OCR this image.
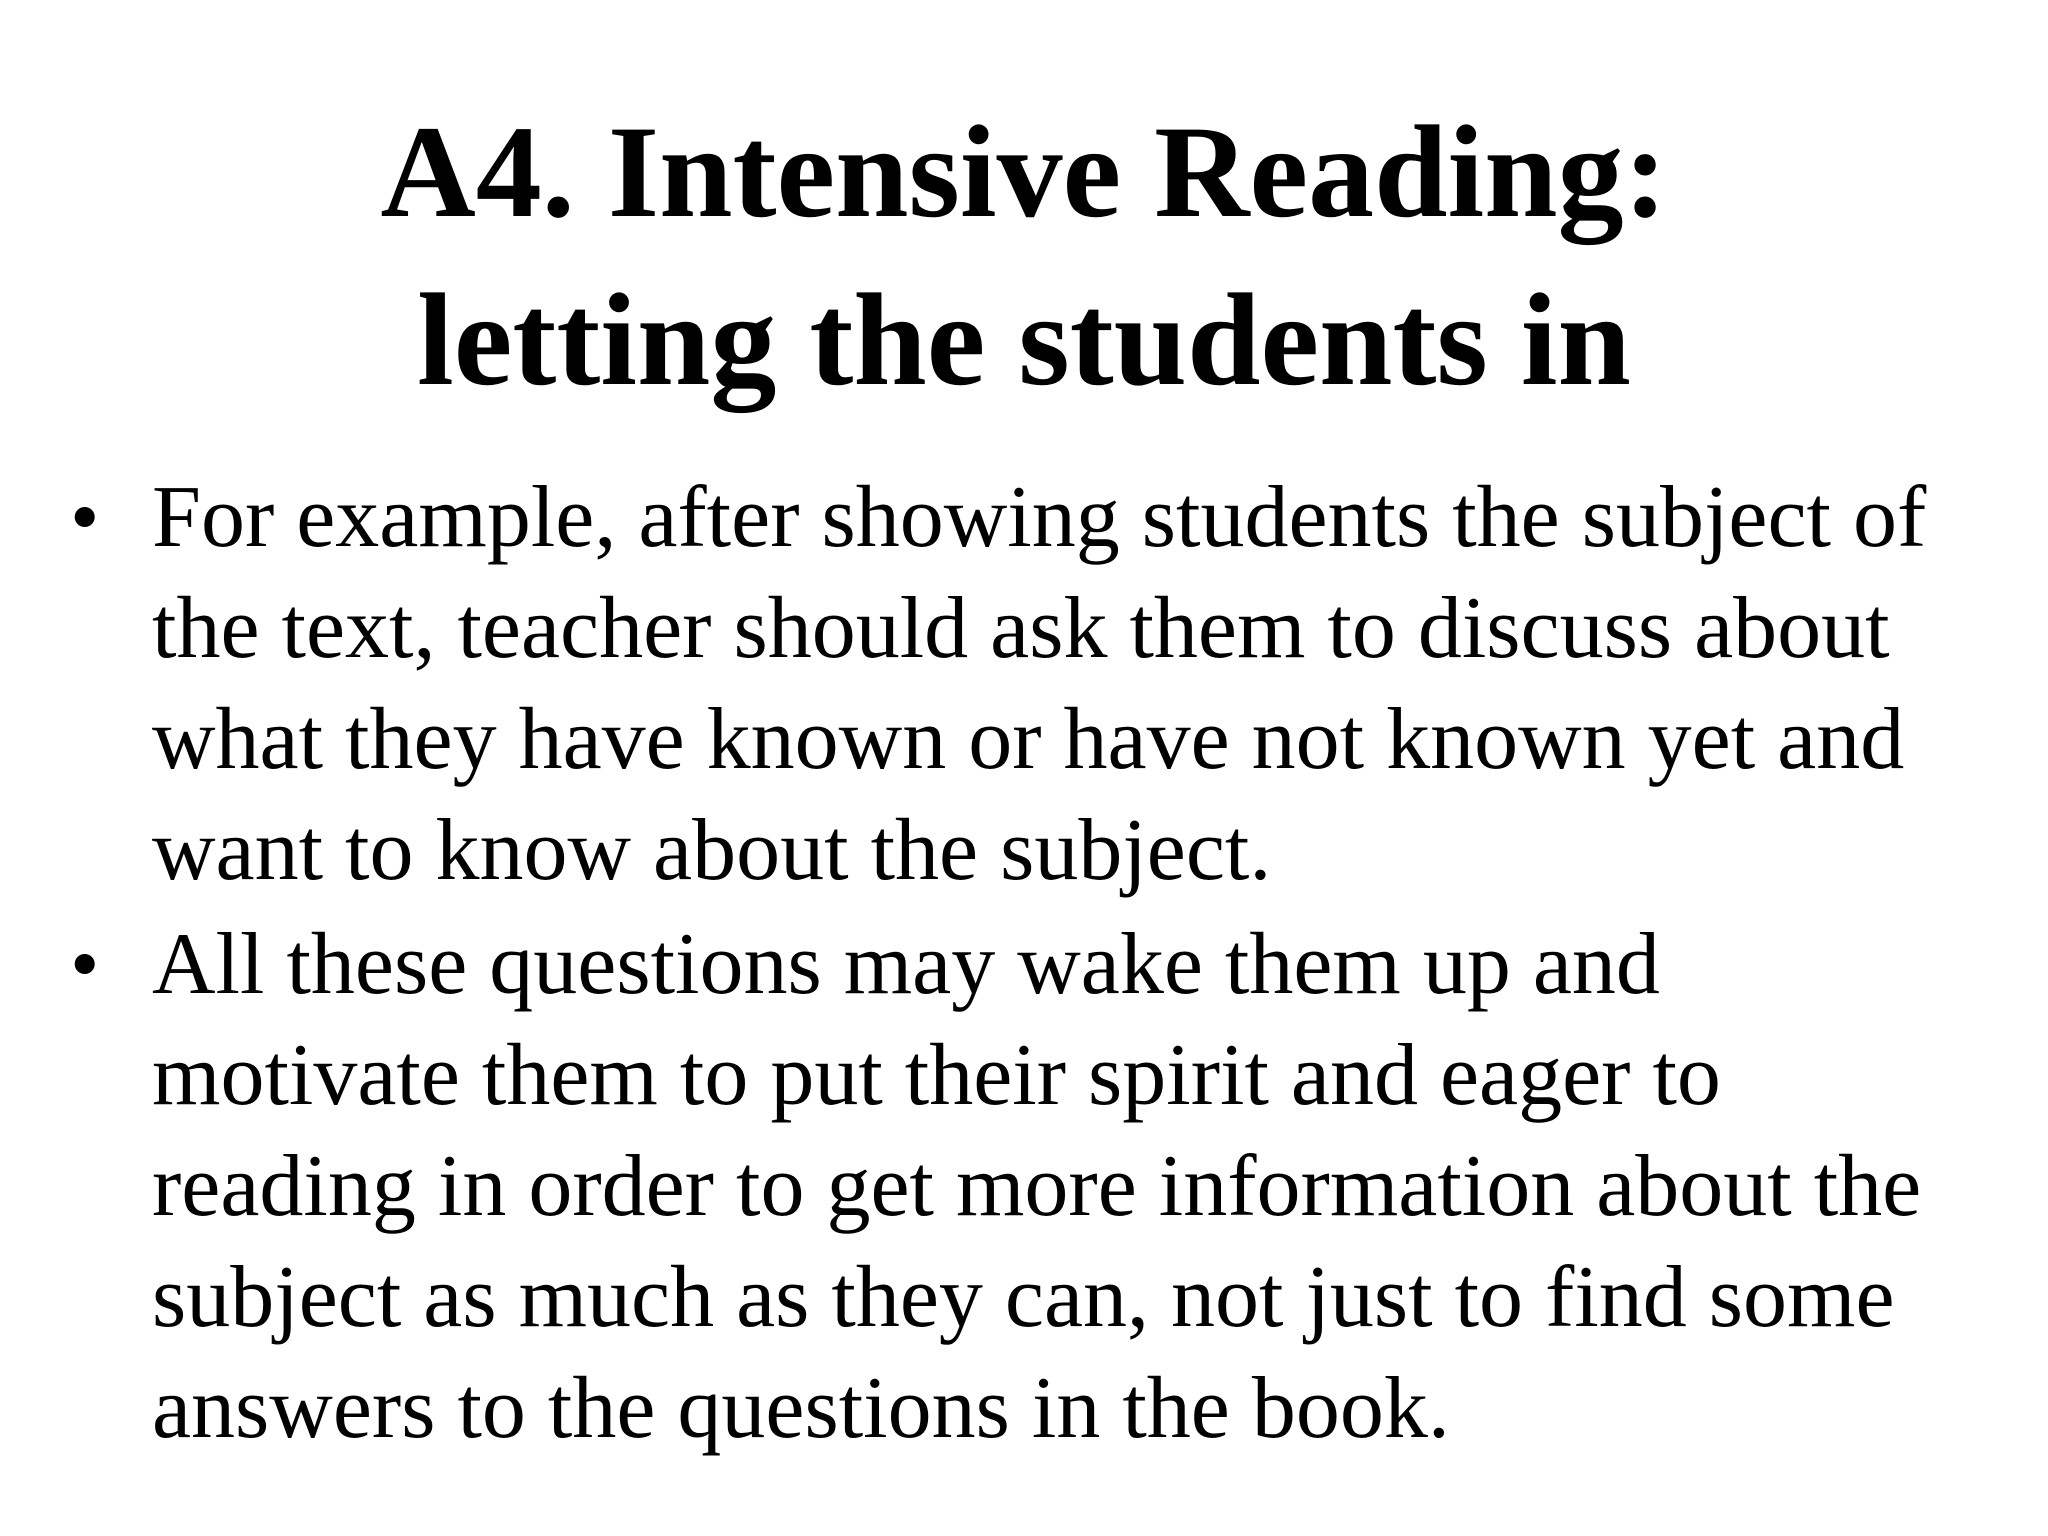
A4. Intensive Reading:
letting the students in
• For example, after showing students the subject of
the text, teacher should ask them to discuss about
what they have known or have not known yet and
want to know about the subject.
• All these questions may wake them up and
motivate them to put their spirit and eager to
reading in order to get more information about the
subject as much as they can, not just to find some
answers to the questions in the book.
